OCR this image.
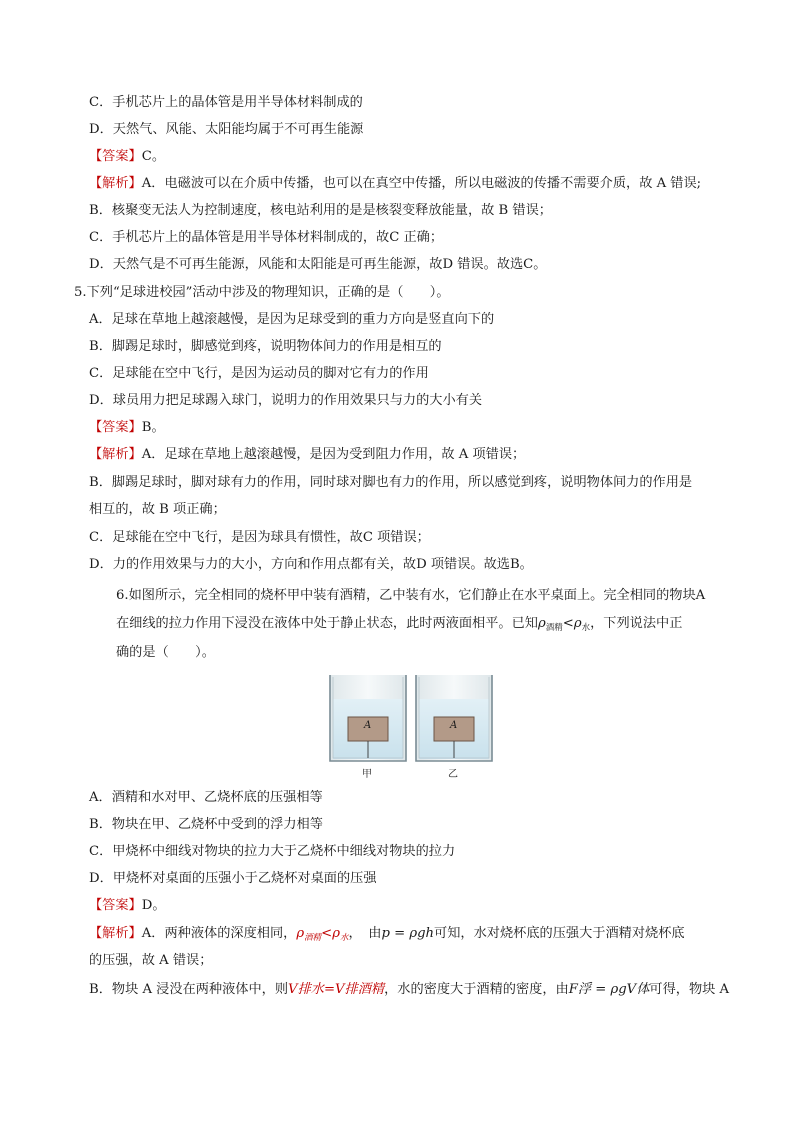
C．手机芯片上的晶体管是用半导体材料制成的
D．天然气、风能、太阳能均属于不可再生能源
【答案】C。
【解析】A．电磁波可以在介质中传播，也可以在真空中传播，所以电磁波的传播不需要介质，故 A 错误;
B．核聚变无法人为控制速度，核电站利用的是是核裂变释放能量，故 B 错误；
C．手机芯片上的晶体管是用半导体材料制成的，故C 正确；
D．天然气是不可再生能源，风能和太阳能是可再生能源，故D 错误。故选C。
5.下列“足球进校园”活动中涉及的物理知识，正确的是（　　）。
A．足球在草地上越滚越慢，是因为足球受到的重力方向是竖直向下的
B．脚踢足球时，脚感觉到疼，说明物体间力的作用是相互的
C．足球能在空中飞行，是因为运动员的脚对它有力的作用
D．球员用力把足球踢入球门，说明力的作用效果只与力的大小有关
【答案】B。
【解析】A．足球在草地上越滚越慢，是因为受到阻力作用，故 A 项错误；
B．脚踢足球时，脚对球有力的作用，同时球对脚也有力的作用，所以感觉到疼，说明物体间力的作用是
相互的，故 B 项正确；
C．足球能在空中飞行，是因为球具有惯性，故C 项错误；
D．力的作用效果与力的大小，方向和作用点都有关，故D 项错误。故选B。
6.如图所示，完全相同的烧杯甲中装有酒精，乙中装有水，它们静止在水平桌面上。完全相同的物块A
在细线的拉力作用下浸没在液体中处于静止状态，此时两液面相平。已知$\rho_{酒精}<\rho_水$，下列说法中正
确的是（　　）。
A	A
甲	乙
A．酒精和水对甲、乙烧杯底的压强相等
B．物块在甲、乙烧杯中受到的浮力相等
C．甲烧杯中细线对物块的拉力大于乙烧杯中细线对物块的拉力
D．甲烧杯对桌面的压强小于乙烧杯对桌面的压强
【答案】D。
【解析】A．两种液体的深度相同，$\rho_{酒精}<\rho_水$，　由p = ρgh可知，水对烧杯底的压强大于酒精对烧杯底
的压强，故 A 错误；
B．物块 A 浸没在两种液体中，则V排水=V排酒精，水的密度大于酒精的密度，由F浮 = ρgV体可得，物块 A
